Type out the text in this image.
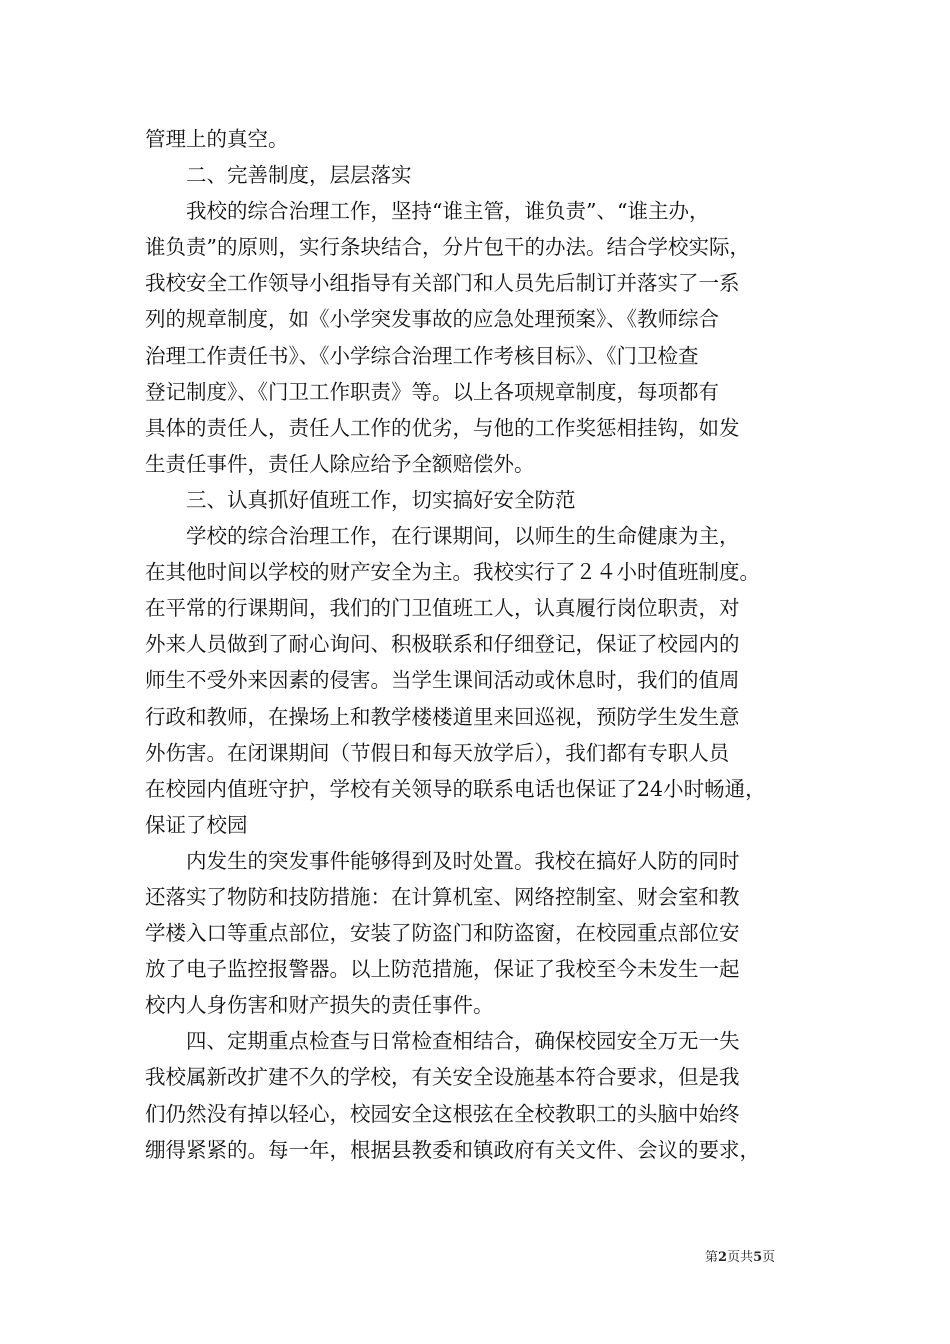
管理上的真空。
二、完善制度，层层落实
我校的综合治理工作，坚持“谁主管，谁负责”、“谁主办，
谁负责”的原则，实行条块结合，分片包干的办法。结合学校实际，
我校安全工作领导小组指导有关部门和人员先后制订并落实了一系
列的规章制度，如《小学突发事故的应急处理预案》、《教师综合
治理工作责任书》、《小学综合治理工作考核目标》、《门卫检查
登记制度》、《门卫工作职责》等。以上各项规章制度，每项都有
具体的责任人，责任人工作的优劣，与他的工作奖惩相挂钩，如发
生责任事件，责任人除应给予全额赔偿外。
三、认真抓好值班工作，切实搞好安全防范
学校的综合治理工作，在行课期间，以师生的生命健康为主，
在其他时间以学校的财产安全为主。我校实行了２４小时值班制度。
在平常的行课期间，我们的门卫值班工人，认真履行岗位职责，对
外来人员做到了耐心询问、积极联系和仔细登记，保证了校园内的
师生不受外来因素的侵害。当学生课间活动或休息时，我们的值周
行政和教师，在操场上和教学楼楼道里来回巡视，预防学生发生意
外伤害。在闭课期间（节假日和每天放学后），我们都有专职人员
在校园内值班守护，学校有关领导的联系电话也保证了24小时畅通，
保证了校园
内发生的突发事件能够得到及时处置。我校在搞好人防的同时
还落实了物防和技防措施：在计算机室、网络控制室、财会室和教
学楼入口等重点部位，安装了防盗门和防盗窗，在校园重点部位安
放了电子监控报警器。以上防范措施，保证了我校至今未发生一起
校内人身伤害和财产损失的责任事件。
四、定期重点检查与日常检查相结合，确保校园安全万无一失
我校属新改扩建不久的学校，有关安全设施基本符合要求，但是我
们仍然没有掉以轻心，校园安全这根弦在全校教职工的头脑中始终
绷得紧紧的。每一年，根据县教委和镇政府有关文件、会议的要求，
第2页共5页
